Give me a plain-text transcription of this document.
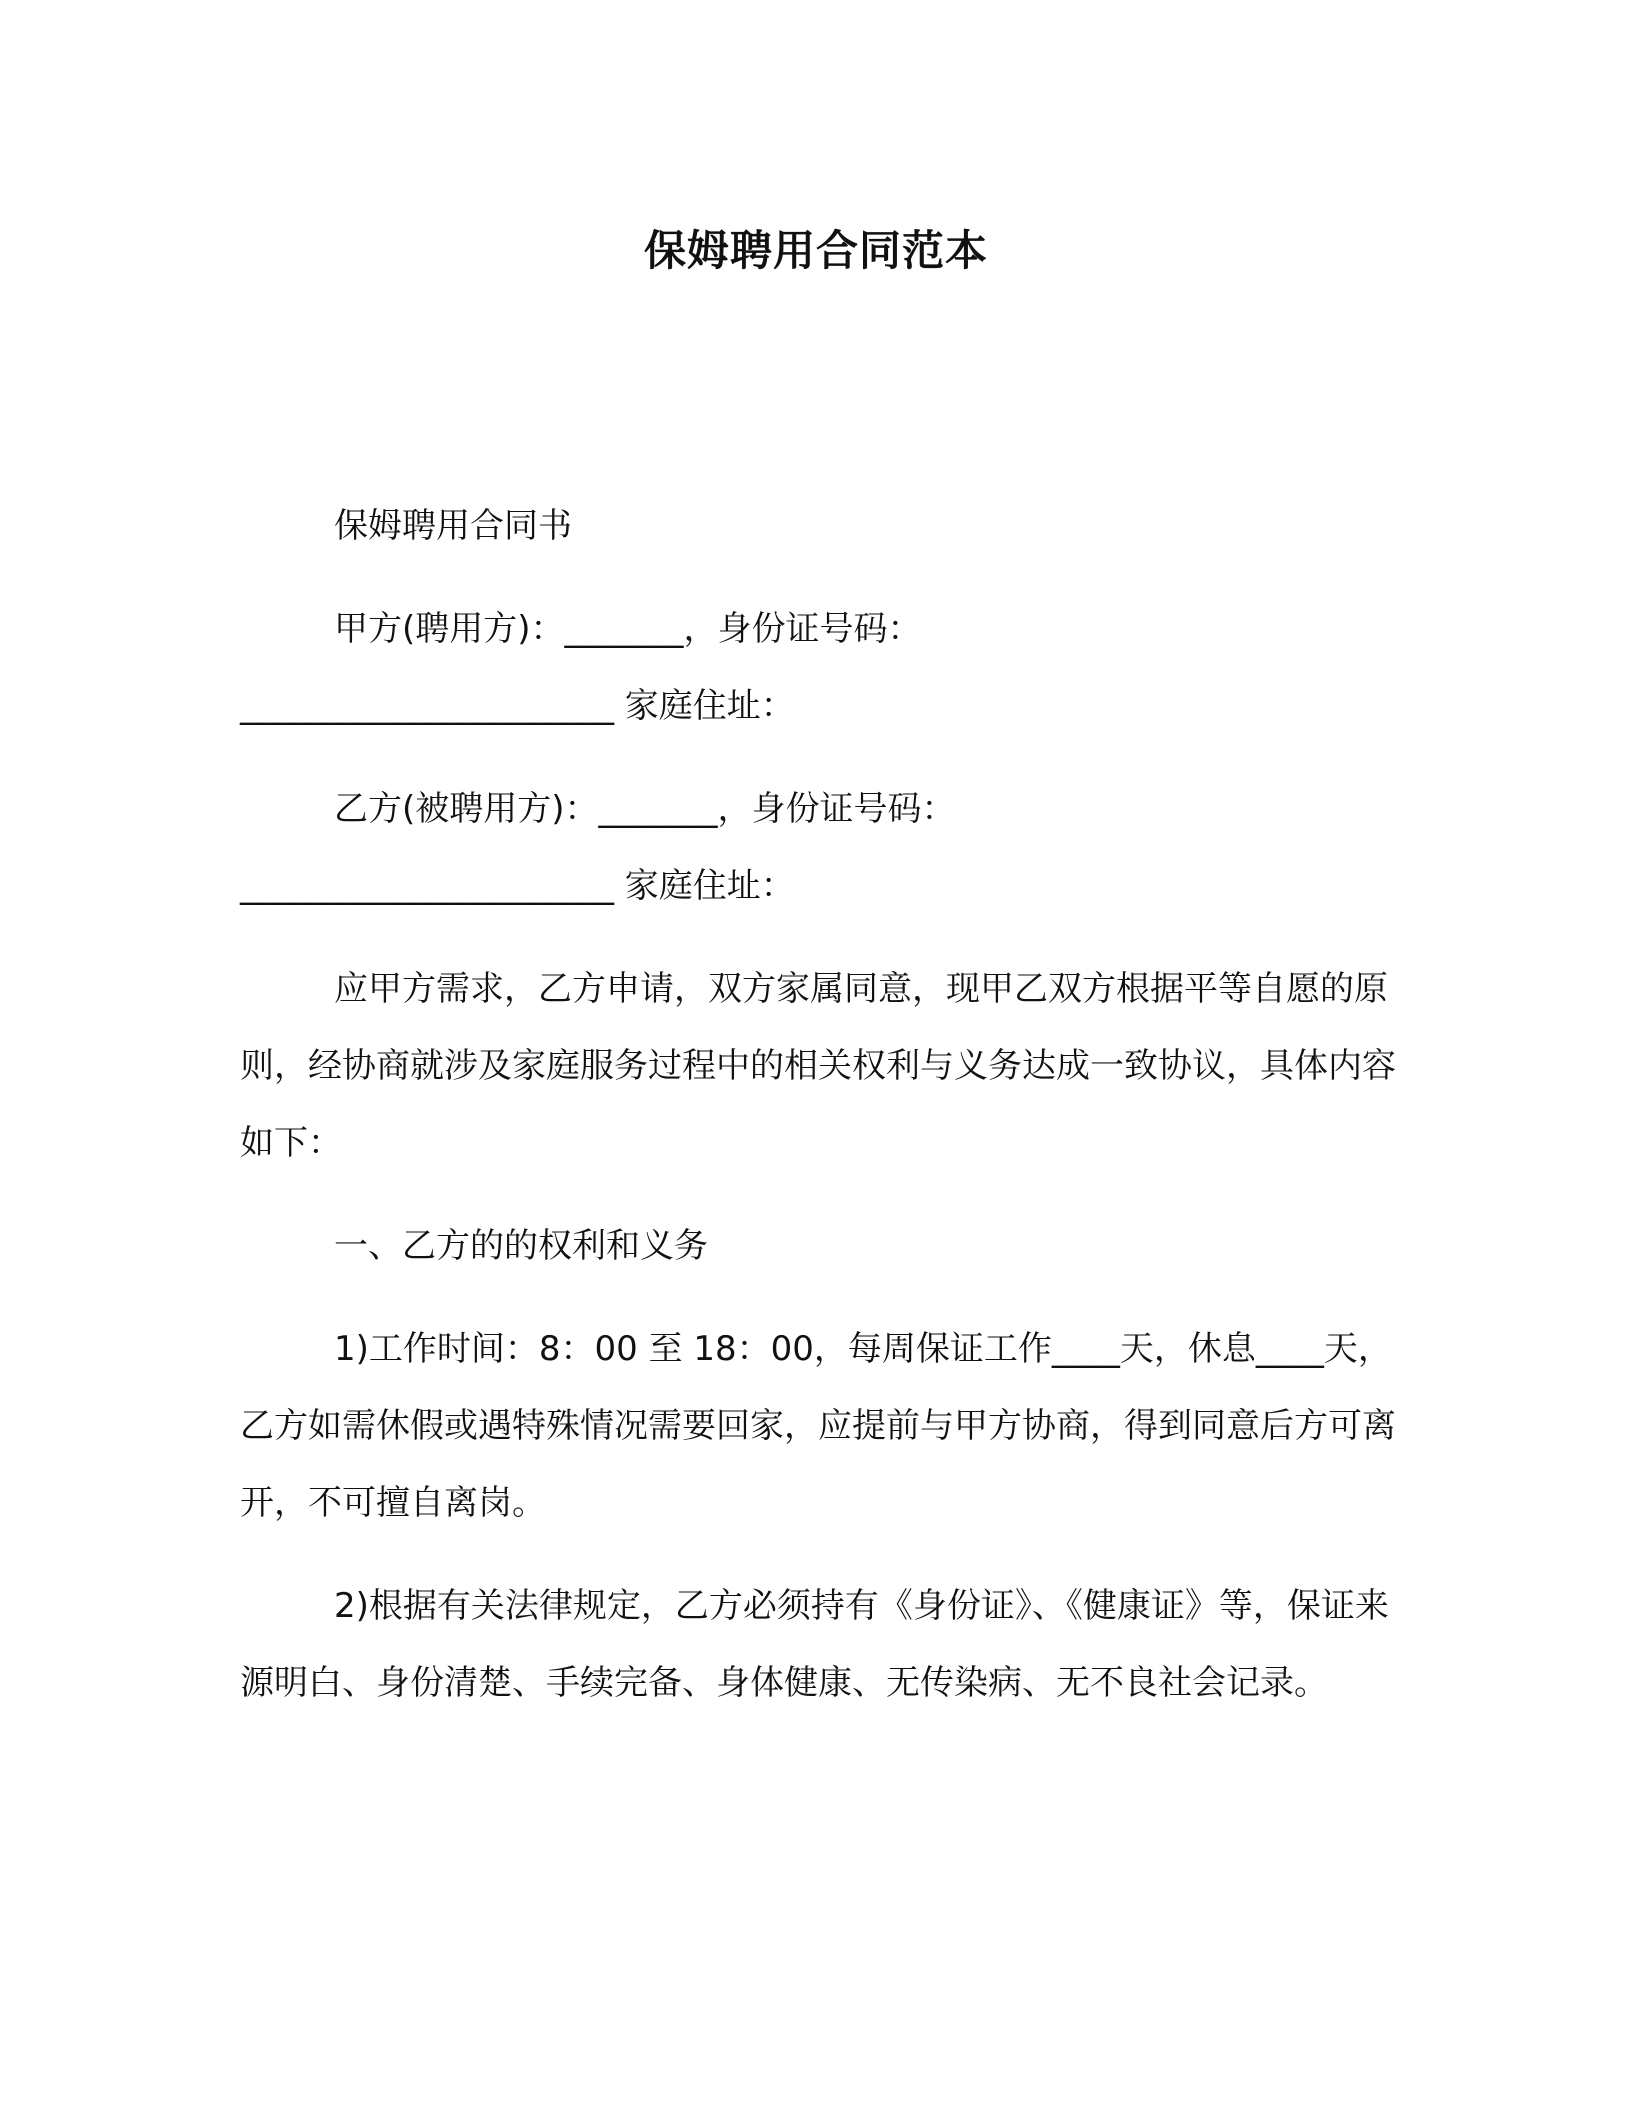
保姆聘用合同范本

保姆聘用合同书

甲方(聘用方)：_______，身份证号码：
______________________ 家庭住址：
乙方(被聘用方)：_______，身份证号码：
______________________ 家庭住址：

应甲方需求，乙方申请，双方家属同意，现甲乙双方根据平等自愿的原则，经协商就涉及家庭服务过程中的相关权利与义务达成一致协议，具体内容如下：

一、乙方的的权利和义务

1)工作时间：8：00 至 18：00，每周保证工作____天，休息____天，乙方如需休假或遇特殊情况需要回家，应提前与甲方协商，得到同意后方可离开，不可擅自离岗。

2)根据有关法律规定，乙方必须持有《身份证》、《健康证》等，保证来源明白、身份清楚、手续完备、身体健康、无传染病、无不良社会记录。
